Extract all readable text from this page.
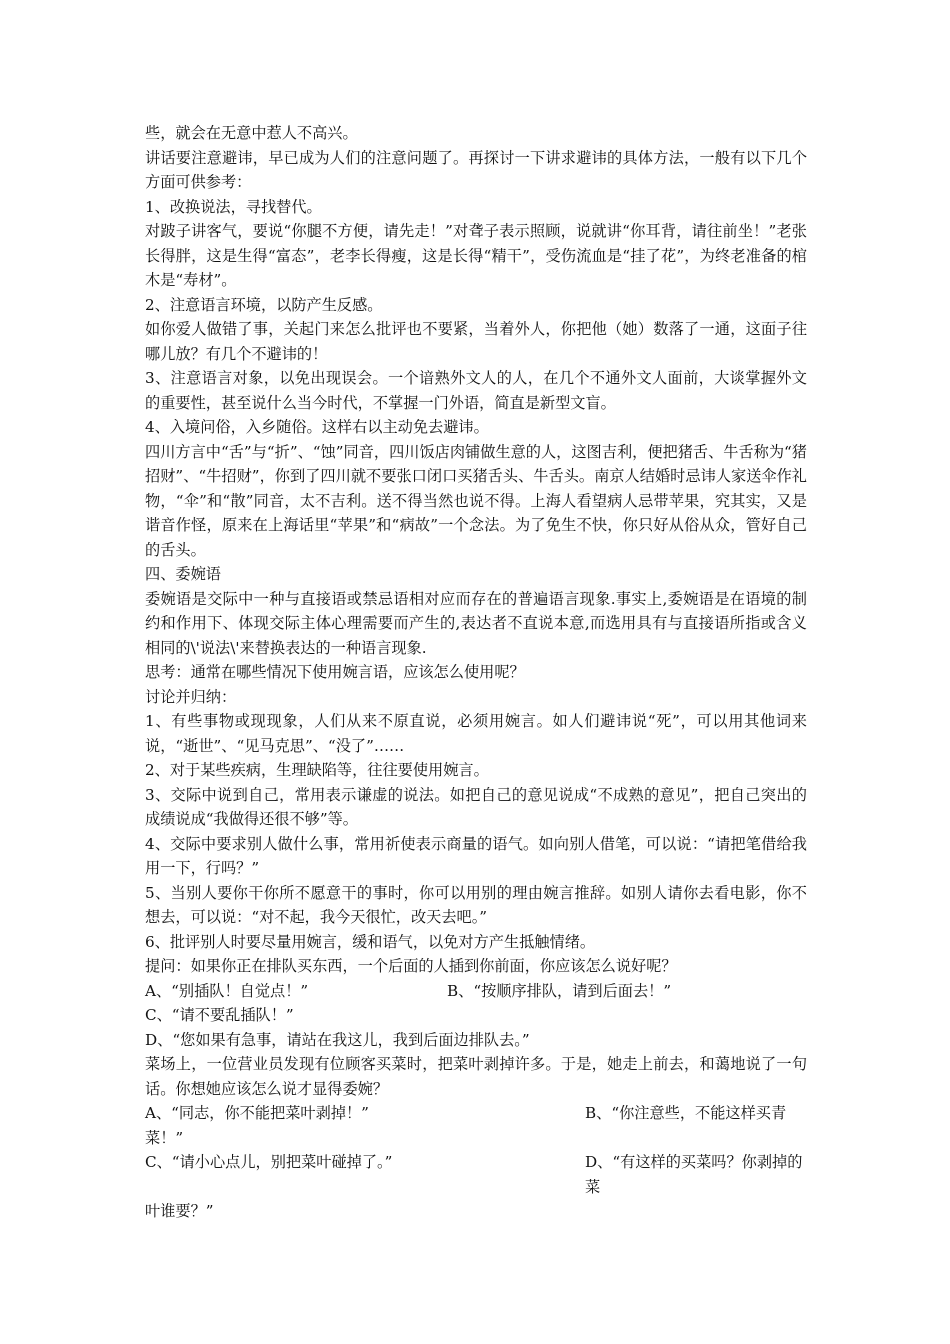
些，就会在无意中惹人不高兴。

讲话要注意避讳，早已成为人们的注意问题了。再探讨一下讲求避讳的具体方法，一般有以下几个方面可供参考：

1、改换说法，寻找替代。

对跛子讲客气，要说“你腿不方便，请先走！”对聋子表示照顾，说就讲“你耳背，请往前坐！”老张长得胖，这是生得“富态”，老李长得瘦，这是长得“精干”，受伤流血是“挂了花”，为终老准备的棺木是“寿材”。

2、注意语言环境，以防产生反感。

如你爱人做错了事，关起门来怎么批评也不要紧，当着外人，你把他（她）数落了一通，这面子往哪儿放？有几个不避讳的！

3、注意语言对象，以免出现误会。一个谙熟外文人的人，在几个不通外文人面前，大谈掌握外文的重要性，甚至说什么当今时代，不掌握一门外语，简直是新型文盲。

4、入境问俗，入乡随俗。这样右以主动免去避讳。

四川方言中“舌”与“折”、“蚀”同音，四川饭店肉铺做生意的人，这图吉利，便把猪舌、牛舌称为“猪招财”、“牛招财”，你到了四川就不要张口闭口买猪舌头、牛舌头。南京人结婚时忌讳人家送伞作礼物，“伞”和“散”同音，太不吉利。送不得当然也说不得。上海人看望病人忌带苹果，究其实，又是谐音作怪，原来在上海话里“苹果”和“病故”一个念法。为了免生不快，你只好从俗从众，管好自己的舌头。

四、委婉语

委婉语是交际中一种与直接语或禁忌语相对应而存在的普遍语言现象.事实上,委婉语是在语境的制约和作用下、体现交际主体心理需要而产生的,表达者不直说本意,而选用具有与直接语所指或含义相同的\'说法\'来替换表达的一种语言现象.

思考：通常在哪些情况下使用婉言语，应该怎么使用呢？

讨论并归纳：

1、有些事物或现现象，人们从来不原直说，必须用婉言。如人们避讳说“死”，可以用其他词来说，“逝世”、“见马克思”、“没了”……

2、对于某些疾病，生理缺陷等，往往要使用婉言。

3、交际中说到自己，常用表示谦虚的说法。如把自己的意见说成“不成熟的意见”，把自己突出的成绩说成“我做得还很不够”等。

4、交际中要求别人做什么事，常用祈使表示商量的语气。如向别人借笔，可以说：“请把笔借给我用一下，行吗？”

5、当别人要你干你所不愿意干的事时，你可以用别的理由婉言推辞。如别人请你去看电影，你不想去，可以说：“对不起，我今天很忙，改天去吧。”

6、批评别人时要尽量用婉言，缓和语气，以免对方产生抵触情绪。

提问：如果你正在排队买东西，一个后面的人插到你前面，你应该怎么说好呢？

A、“别插队！自觉点！”	B、“按顺序排队，请到后面去！”

C、“请不要乱插队！”

D、“您如果有急事，请站在我这儿，我到后面边排队去。”

菜场上，一位营业员发现有位顾客买菜时，把菜叶剥掉许多。于是，她走上前去，和蔼地说了一句话。你想她应该怎么说才显得委婉？

A、“同志，你不能把菜叶剥掉！”	B、“你注意些，不能这样买青

菜！”

C、“请小心点儿，别把菜叶碰掉了。”	D、“有这样的买菜吗？你剥掉的菜

叶谁要？”
